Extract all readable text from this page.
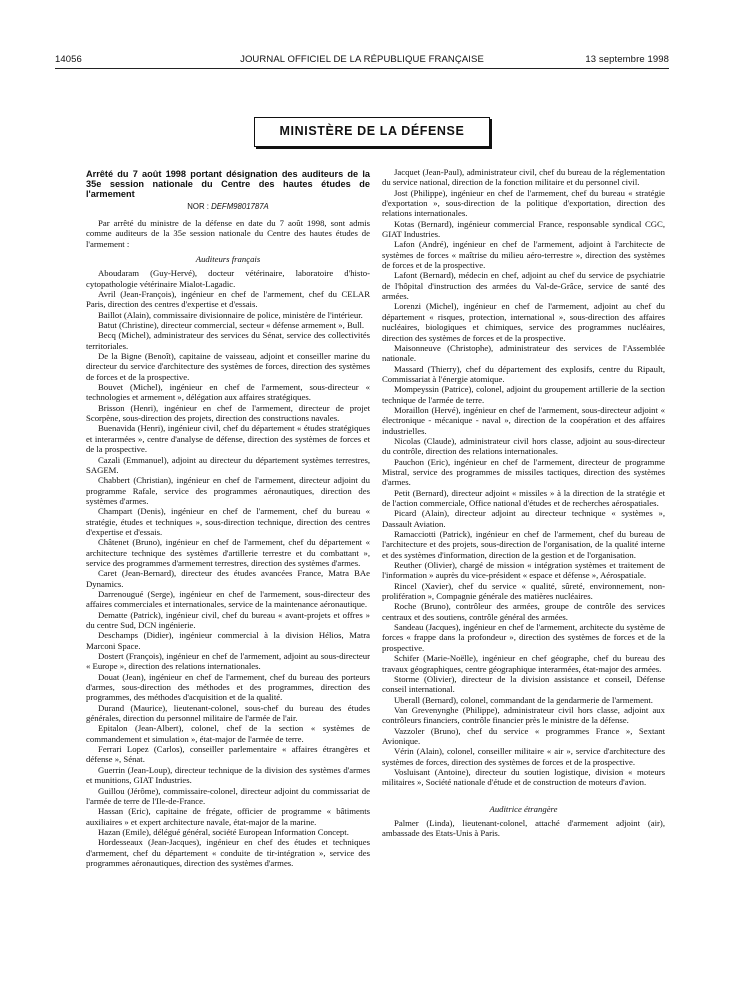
14056	JOURNAL OFFICIEL DE LA RÉPUBLIQUE FRANÇAISE	13 septembre 1998
MINISTÈRE DE LA DÉFENSE
Arrêté du 7 août 1998 portant désignation des auditeurs de la 35e session nationale du Centre des hautes études de l'armement
NOR : DEFM9801787A

Par arrêté du ministre de la défense en date du 7 août 1998, sont admis comme auditeurs de la 35e session nationale du Centre des hautes études de l'armement :

Auditeurs français

Aboudaram (Guy-Hervé), docteur vétérinaire, laboratoire d'histo-cytopathologie vétérinaire Mialot-Lagadic.

Avril (Jean-François), ingénieur en chef de l'armement, chef du CELAR Paris, direction des centres d'expertise et d'essais.

Baillot (Alain), commissaire divisionnaire de police, ministère de l'intérieur.

Batut (Christine), directeur commercial, secteur « défense armement », Bull.

Becq (Michel), administrateur des services du Sénat, service des collectivités territoriales.

De la Bigne (Benoît), capitaine de vaisseau, adjoint et conseiller marine du directeur du service d'architecture des systèmes de forces, direction des systèmes de forces et de la prospective.

Bouvet (Michel), ingénieur en chef de l'armement, sous-directeur « technologies et armement », délégation aux affaires stratégiques.

Brisson (Henri), ingénieur en chef de l'armement, directeur de projet Scorpène, sous-direction des projets, direction des constructions navales.

Buenavida (Henri), ingénieur civil, chef du département « études stratégiques et interarmées », centre d'analyse de défense, direction des systèmes de forces et de la prospective.

Cazali (Emmanuel), adjoint au directeur du département systèmes terrestres, SAGEM.

Chabbert (Christian), ingénieur en chef de l'armement, directeur adjoint du programme Rafale, service des programmes aéronautiques, direction des systèmes d'armes.

Champart (Denis), ingénieur en chef de l'armement, chef du bureau « stratégie, études et techniques », sous-direction technique, direction des centres d'expertise et d'essais.

Châtenet (Bruno), ingénieur en chef de l'armement, chef du département « architecture technique des systèmes d'artillerie terrestre et du combattant », service des programmes d'armement terrestres, direction des systèmes d'armes.

Caret (Jean-Bernard), directeur des études avancées France, Matra BAe Dynamics.

Darrenougué (Serge), ingénieur en chef de l'armement, sous-directeur des affaires commerciales et internationales, service de la maintenance aéronautique.

Dematte (Patrick), ingénieur civil, chef du bureau « avant-projets et offres » du centre Sud, DCN ingénierie.

Deschamps (Didier), ingénieur commercial à la division Hélios, Matra Marconi Space.

Dostert (François), ingénieur en chef de l'armement, adjoint au sous-directeur « Europe », direction des relations internationales.

Douat (Jean), ingénieur en chef de l'armement, chef du bureau des porteurs d'armes, sous-direction des méthodes et des programmes, direction des programmes, des méthodes d'acquisition et de la qualité.

Durand (Maurice), lieutenant-colonel, sous-chef du bureau des études générales, direction du personnel militaire de l'armée de l'air.

Epitalon (Jean-Albert), colonel, chef de la section « systèmes de commandement et simulation », état-major de l'armée de terre.

Ferrari Lopez (Carlos), conseiller parlementaire « affaires étrangères et défense », Sénat.

Guerrin (Jean-Loup), directeur technique de la division des systèmes d'armes et munitions, GIAT Industries.

Guillou (Jérôme), commissaire-colonel, directeur adjoint du commissariat de l'armée de terre de l'Ile-de-France.

Hassan (Eric), capitaine de frégate, officier de programme « bâtiments auxiliaires » et expert architecture navale, état-major de la marine.

Hazan (Emile), délégué général, société European Information Concept.

Hordesseaux (Jean-Jacques), ingénieur en chef des études et techniques d'armement, chef du département « conduite de tir-intégration », service des programmes aéronautiques, direction des systèmes d'armes.

Jacquet (Jean-Paul), administrateur civil, chef du bureau de la réglementation du service national, direction de la fonction militaire et du personnel civil.

Jost (Philippe), ingénieur en chef de l'armement, chef du bureau « stratégie d'exportation », sous-direction de la politique d'exportation, direction des relations internationales.

Kotas (Bernard), ingénieur commercial France, responsable syndical CGC, GIAT Industries.

Lafon (André), ingénieur en chef de l'armement, adjoint à l'architecte de systèmes de forces « maîtrise du milieu aéro-terrestre », direction des systèmes de forces et de la prospective.

Lafont (Bernard), médecin en chef, adjoint au chef du service de psychiatrie de l'hôpital d'instruction des armées du Val-de-Grâce, service de santé des armées.

Lorenzi (Michel), ingénieur en chef de l'armement, adjoint au chef du département « risques, protection, international », sous-direction des affaires nucléaires, biologiques et chimiques, service des programmes nucléaires, direction des systèmes de forces et de la prospective.

Maisonneuve (Christophe), administrateur des services de l'Assemblée nationale.

Massard (Thierry), chef du département des explosifs, centre du Ripault, Commissariat à l'énergie atomique.

Mompeyssin (Patrice), colonel, adjoint du groupement artillerie de la section technique de l'armée de terre.

Moraillon (Hervé), ingénieur en chef de l'armement, sous-directeur adjoint « électronique - mécanique - naval », direction de la coopération et des affaires industrielles.

Nicolas (Claude), administrateur civil hors classe, adjoint au sous-directeur du contrôle, direction des relations internationales.

Pauchon (Eric), ingénieur en chef de l'armement, directeur de programme Mistral, service des programmes de missiles tactiques, direction des systèmes d'armes.

Petit (Bernard), directeur adjoint « missiles » à la direction de la stratégie et de l'action commerciale, Office national d'études et de recherches aérospatiales.

Picard (Alain), directeur adjoint au directeur technique « systèmes », Dassault Aviation.

Ramacciotti (Patrick), ingénieur en chef de l'armement, chef du bureau de l'architecture et des projets, sous-direction de l'organisation, de la qualité interne et des systèmes d'information, direction de la gestion et de l'organisation.

Reuther (Olivier), chargé de mission « intégration systèmes et traitement de l'information » auprès du vice-président « espace et défense », Aérospatiale.

Rincel (Xavier), chef du service « qualité, sûreté, environnement, non-prolifération », Compagnie générale des matières nucléaires.

Roche (Bruno), contrôleur des armées, groupe de contrôle des services centraux et des soutiens, contrôle général des armées.

Sandeau (Jacques), ingénieur en chef de l'armement, architecte du système de forces « frappe dans la profondeur », direction des systèmes de forces et de la prospective.

Schifer (Marie-Noëlle), ingénieur en chef géographe, chef du bureau des travaux géographiques, centre géographique interarmées, état-major des armées.

Storme (Olivier), directeur de la division assistance et conseil, Défense conseil international.

Uberall (Bernard), colonel, commandant de la gendarmerie de l'armement.

Van Grevenynghe (Philippe), administrateur civil hors classe, adjoint aux contrôleurs financiers, contrôle financier près le ministre de la défense.

Vazzoler (Bruno), chef du service « programmes France », Sextant Avionique.

Vérin (Alain), colonel, conseiller militaire « air », service d'architecture des systèmes de forces, direction des systèmes de forces et de la prospective.

Vosluisant (Antoine), directeur du soutien logistique, division « moteurs militaires », Société nationale d'étude et de construction de moteurs d'avion.

Auditrice étrangère

Palmer (Linda), lieutenant-colonel, attaché d'armement adjoint (air), ambassade des Etats-Unis à Paris.
